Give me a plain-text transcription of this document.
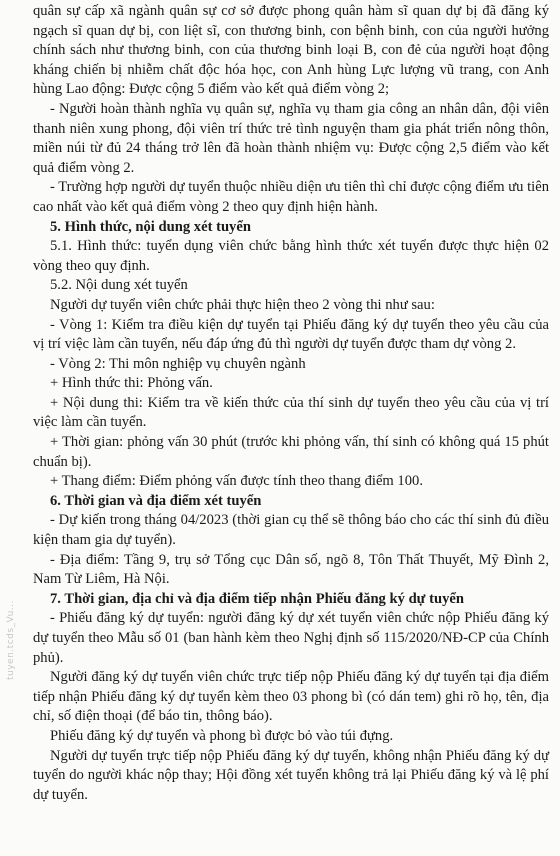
tuyen.tcds_Vu...

quân sự cấp xã ngành quân sự cơ sở được phong quân hàm sĩ quan dự bị đã đăng ký ngạch sĩ quan dự bị, con liệt sĩ, con thương binh, con bệnh binh, con của người hưởng chính sách như thương binh, con của thương binh loại B, con đẻ của người hoạt động kháng chiến bị nhiễm chất độc hóa học, con Anh hùng Lực lượng vũ trang, con Anh hùng Lao động: Được cộng 5 điểm vào kết quả điểm vòng 2;

- Người hoàn thành nghĩa vụ quân sự, nghĩa vụ tham gia công an nhân dân, đội viên thanh niên xung phong, đội viên trí thức trẻ tình nguyện tham gia phát triển nông thôn, miền núi từ đủ 24 tháng trở lên đã hoàn thành nhiệm vụ: Được cộng 2,5 điểm vào kết quả điểm vòng 2.

- Trường hợp người dự tuyển thuộc nhiều diện ưu tiên thì chỉ được cộng điểm ưu tiên cao nhất vào kết quả điểm vòng 2 theo quy định hiện hành.

5. Hình thức, nội dung xét tuyển

5.1. Hình thức: tuyển dụng viên chức bằng hình thức xét tuyển được thực hiện 02 vòng theo quy định.

5.2. Nội dung xét tuyển

Người dự tuyển viên chức phải thực hiện theo 2 vòng thi như sau:

- Vòng 1: Kiểm tra điều kiện dự tuyển tại Phiếu đăng ký dự tuyển theo yêu cầu của vị trí việc làm cần tuyển, nếu đáp ứng đủ thì người dự tuyển được tham dự vòng 2.

- Vòng 2: Thi môn nghiệp vụ chuyên ngành

+ Hình thức thi: Phỏng vấn.

+ Nội dung thi: Kiểm tra về kiến thức của thí sinh dự tuyển theo yêu cầu của vị trí việc làm cần tuyển.

+ Thời gian: phỏng vấn 30 phút (trước khi phỏng vấn, thí sinh có không quá 15 phút chuẩn bị).

+ Thang điểm: Điểm phỏng vấn được tính theo thang điểm 100.

6. Thời gian và địa điểm xét tuyển

- Dự kiến trong tháng 04/2023 (thời gian cụ thể sẽ thông báo cho các thí sinh đủ điều kiện tham gia dự tuyển).

- Địa điểm: Tầng 9, trụ sở Tổng cục Dân số, ngõ 8, Tôn Thất Thuyết, Mỹ Đình 2, Nam Từ Liêm, Hà Nội.

7. Thời gian, địa chỉ và địa điểm tiếp nhận Phiếu đăng ký dự tuyển

- Phiếu đăng ký dự tuyển: người đăng ký dự xét tuyển viên chức nộp Phiếu đăng ký dự tuyển theo Mẫu số 01 (ban hành kèm theo Nghị định số 115/2020/NĐ-CP của Chính phủ).

Người đăng ký dự tuyển viên chức trực tiếp nộp Phiếu đăng ký dự tuyển tại địa điểm tiếp nhận Phiếu đăng ký dự tuyển kèm theo 03 phong bì (có dán tem) ghi rõ họ, tên, địa chỉ, số điện thoại (để báo tin, thông báo).

Phiếu đăng ký dự tuyển và phong bì được bỏ vào túi đựng.

Người dự tuyển trực tiếp nộp Phiếu đăng ký dự tuyển, không nhận Phiếu đăng ký dự tuyển do người khác nộp thay; Hội đồng xét tuyển không trả lại Phiếu đăng ký và lệ phí dự tuyển.
